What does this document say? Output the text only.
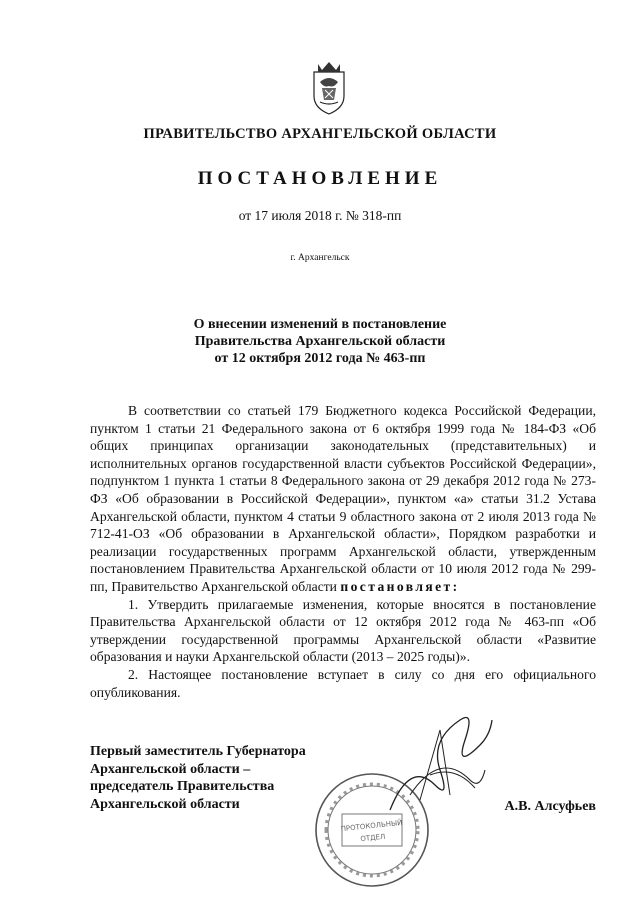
ПРАВИТЕЛЬСТВО АРХАНГЕЛЬСКОЙ ОБЛАСТИ
ПОСТАНОВЛЕНИЕ
от 17 июля 2018 г. № 318-пп
г. Архангельск
О внесении изменений в постановление
Правительства Архангельской области
от 12 октября 2012 года № 463-пп

В соответствии со статьей 179 Бюджетного кодекса Российской Федерации, пунктом 1 статьи 21 Федерального закона от 6 октября 1999 года № 184-ФЗ «Об общих принципах организации законодательных (представительных) и исполнительных органов государственной власти субъектов Российской Федерации», подпунктом 1 пункта 1 статьи 8 Федерального закона от 29 декабря 2012 года № 273-ФЗ «Об образовании в Российской Федерации», пунктом «а» статьи 31.2 Устава Архангельской области, пунктом 4 статьи 9 областного закона от 2 июля 2013 года № 712-41-ОЗ «Об образовании в Архангельской области», Порядком разработки и реализации государственных программ Архангельской области, утвержденным постановлением Правительства Архангельской области от 10 июля 2012 года № 299-пп, Правительство Архангельской области постановляет:

1. Утвердить прилагаемые изменения, которые вносятся в постановление Правительства Архангельской области от 12 октября 2012 года № 463-пп «Об утверждении государственной программы Архангельской области «Развитие образования и науки Архангельской области (2013 – 2025 годы)».

2. Настоящее постановление вступает в силу со дня его официального опубликования.

Первый заместитель Губернатора
Архангельской области –
председатель Правительства
Архангельской области
ПРОТОКОЛЬНЫЙ
ОТДЕЛ
А.В. Алсуфьев
